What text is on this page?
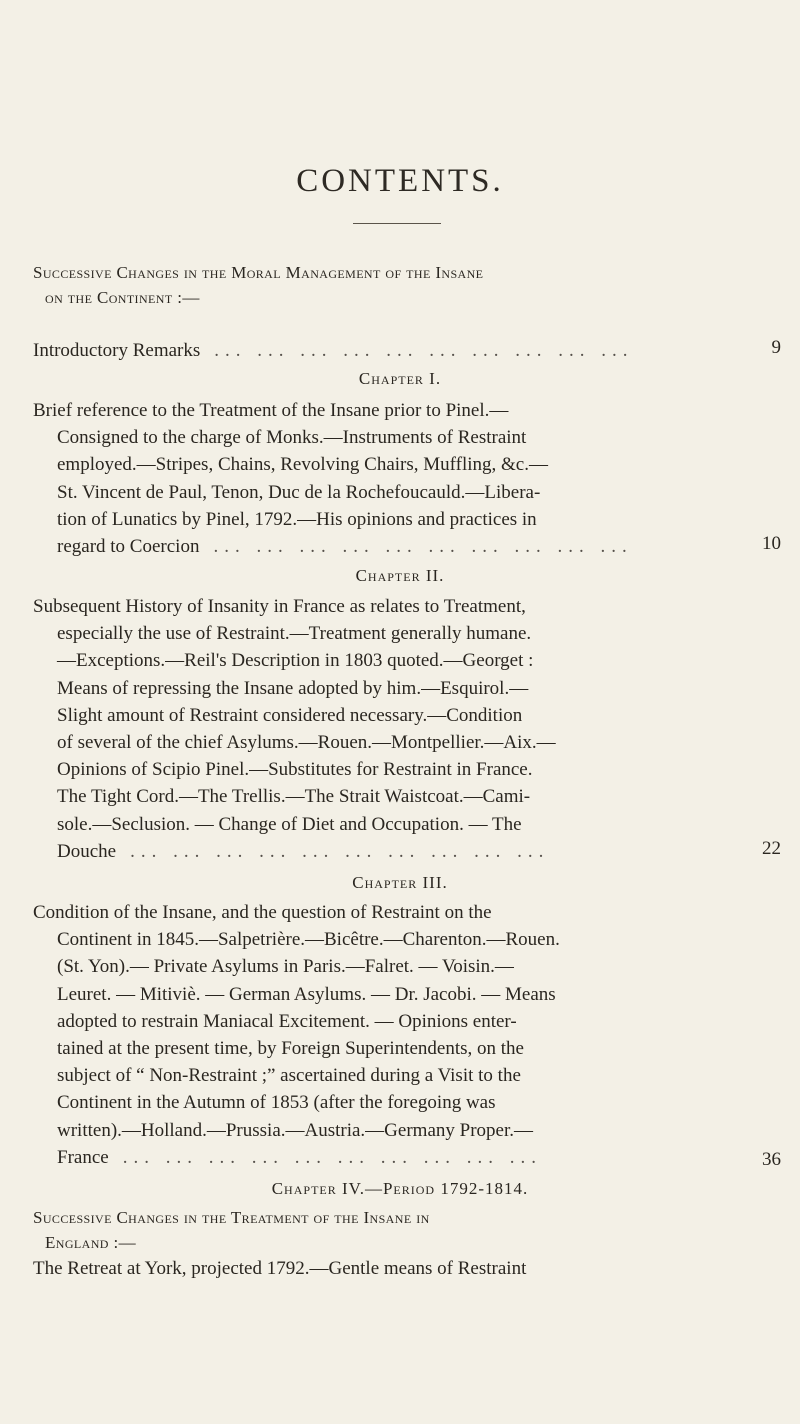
CONTENTS.
Successive Changes in the Moral Management of the Insane
on the Continent :—
Introductory Remarks ... ... ... ... ... ... ... ... ... ...	9
Chapter I.
Brief reference to the Treatment of the Insane prior to Pinel.—
Consigned to the charge of Monks.—Instruments of Restraint
employed.—Stripes, Chains, Revolving Chairs, Muffling, &c.—
St. Vincent de Paul, Tenon, Duc de la Rochefoucauld.—Libera-
tion of Lunatics by Pinel, 1792.—His opinions and practices in
regard to Coercion ... ... ... ... ... ... ... ... ... ...	10
Chapter II.
Subsequent History of Insanity in France as relates to Treatment,
especially the use of Restraint.—Treatment generally humane.
—Exceptions.—Reil's Description in 1803 quoted.—Georget :
Means of repressing the Insane adopted by him.—Esquirol.—
Slight amount of Restraint considered necessary.—Condition
of several of the chief Asylums.—Rouen.—Montpellier.—Aix.—
Opinions of Scipio Pinel.—Substitutes for Restraint in France.
The Tight Cord.—The Trellis.—The Strait Waistcoat.—Cami-
sole.—Seclusion. — Change of Diet and Occupation. — The
Douche ... ... ... ... ... ... ... ... ... ...	22
Chapter III.
Condition of the Insane, and the question of Restraint on the
Continent in 1845.—Salpetrière.—Bicêtre.—Charenton.—Rouen.
(St. Yon).— Private Asylums in Paris.—Falret. — Voisin.—
Leuret. — Mitiviè. — German Asylums. — Dr. Jacobi. — Means
adopted to restrain Maniacal Excitement. — Opinions enter-
tained at the present time, by Foreign Superintendents, on the
subject of “ Non-Restraint ;” ascertained during a Visit to the
Continent in the Autumn of 1853 (after the foregoing was
written).—Holland.—Prussia.—Austria.—Germany Proper.—
France ... ... ... ... ... ... ... ... ... ...	36
Chapter IV.—Period 1792-1814.
Successive Changes in the Treatment of the Insane in
England :—
The Retreat at York, projected 1792.—Gentle means of Restraint
